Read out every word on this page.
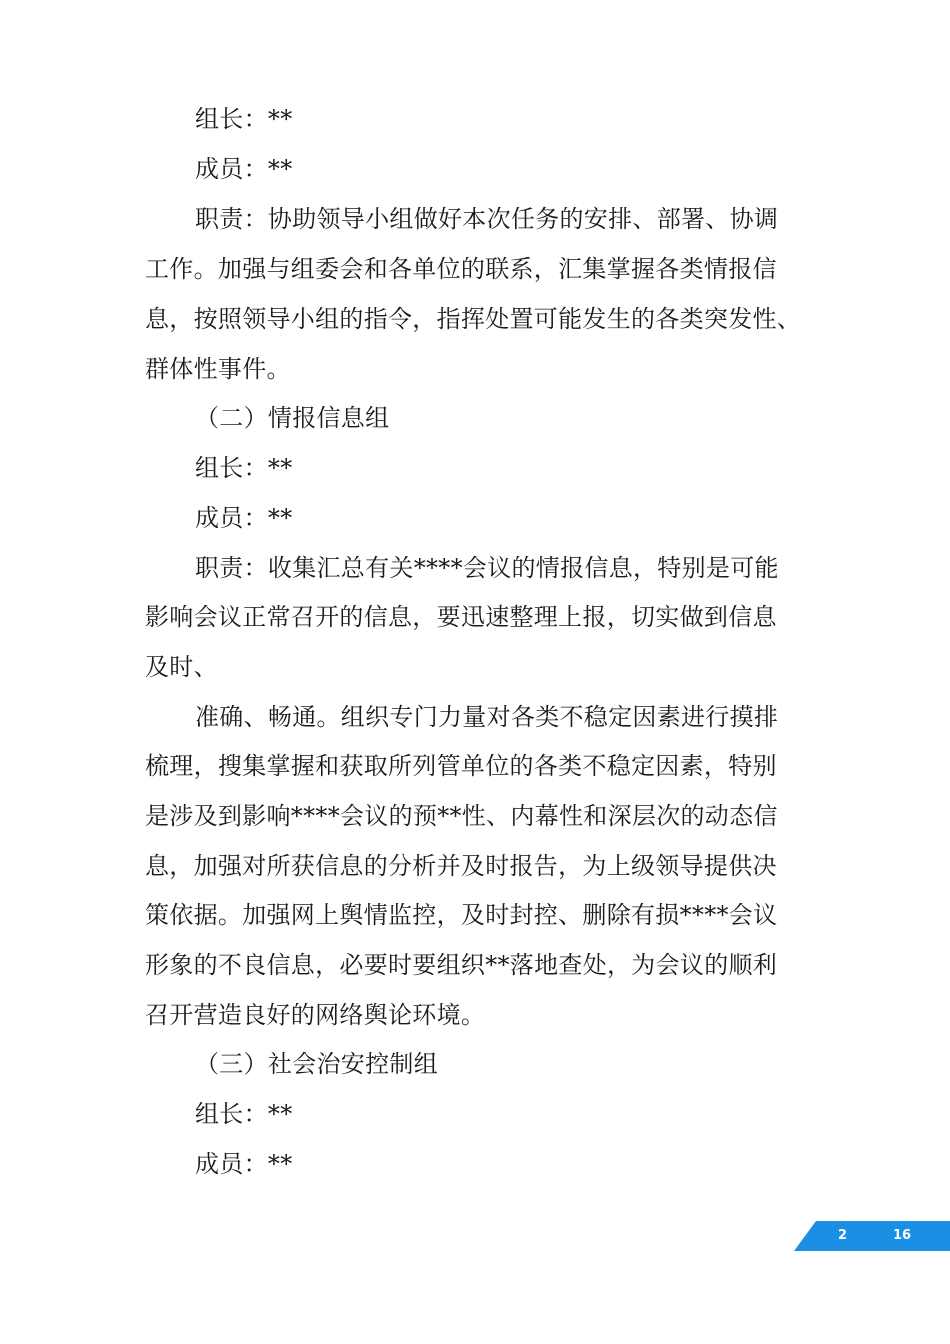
组长：**
成员：**
职责：协助领导小组做好本次任务的安排、部署、协调
工作。加强与组委会和各单位的联系，汇集掌握各类情报信
息，按照领导小组的指令，指挥处置可能发生的各类突发性、
群体性事件。
（二）情报信息组
组长：**
成员：**
职责：收集汇总有关****会议的情报信息，特别是可能
影响会议正常召开的信息，要迅速整理上报，切实做到信息
及时、
准确、畅通。组织专门力量对各类不稳定因素进行摸排
梳理，搜集掌握和获取所列管单位的各类不稳定因素，特别
是涉及到影响****会议的预**性、内幕性和深层次的动态信
息，加强对所获信息的分析并及时报告，为上级领导提供决
策依据。加强网上舆情监控，及时封控、删除有损****会议
形象的不良信息，必要时要组织**落地查处，为会议的顺利
召开营造良好的网络舆论环境。
（三）社会治安控制组
组长：**
成员：**
2	16
